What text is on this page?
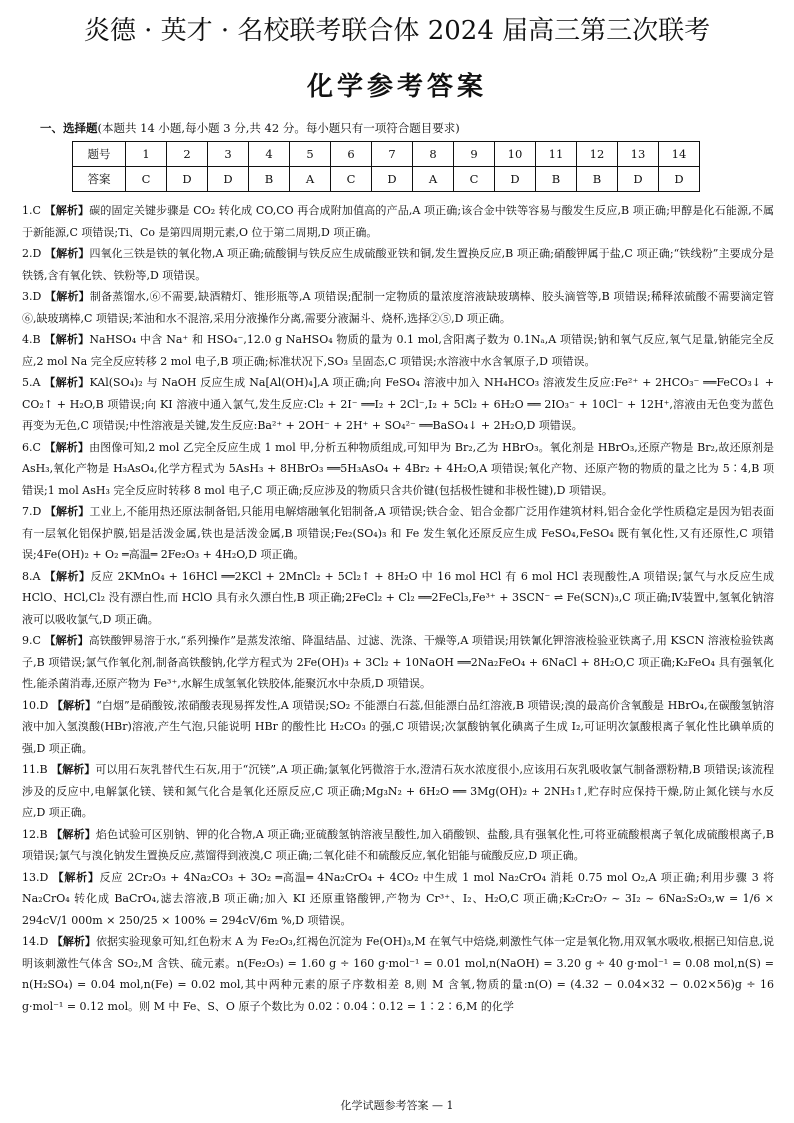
炎德 · 英才 · 名校联考联合体 2024 届高三第三次联考
化学参考答案
一、选择题(本题共 14 小题,每小题 3 分,共 42 分。每小题只有一项符合题目要求)
题号	1	2	3	4	5	6	7	8	9	10	11	12	13	14
答案	C	D	D	B	A	C	D	A	C	D	B	B	D	D

1.C 【解析】碳的固定关键步骤是 CO₂ 转化成 CO,CO 再合成附加值高的产品,A 项正确;该合金中铁等容易与酸发生反应,B 项正确;甲醇是化石能源,不属于新能源,C 项错误;Ti、Co 是第四周期元素,O 位于第二周期,D 项正确。

2.D 【解析】四氧化三铁是铁的氧化物,A 项正确;硫酸铜与铁反应生成硫酸亚铁和铜,发生置换反应,B 项正确;硝酸钾属于盐,C 项正确;“铁线粉”主要成分是铁锈,含有氧化铁、铁粉等,D 项错误。

3.D 【解析】制备蒸馏水,⑥不需要,缺酒精灯、锥形瓶等,A 项错误;配制一定物质的量浓度溶液缺玻璃棒、胶头滴管等,B 项错误;稀释浓硫酸不需要滴定管⑥,缺玻璃棒,C 项错误;苯油和水不混溶,采用分液操作分离,需要分液漏斗、烧杯,选择②⑤,D 项正确。

4.B 【解析】NaHSO₄ 中含 Na⁺ 和 HSO₄⁻,12.0 g NaHSO₄ 物质的量为 0.1 mol,含阳离子数为 0.1Nₐ,A 项错误;钠和氧气反应,氧气足量,钠能完全反应,2 mol Na 完全反应转移 2 mol 电子,B 项正确;标准状况下,SO₃ 呈固态,C 项错误;水溶液中水含氧原子,D 项错误。

5.A 【解析】KAl(SO₄)₂ 与 NaOH 反应生成 Na[Al(OH)₄],A 项正确;向 FeSO₄ 溶液中加入 NH₄HCO₃ 溶液发生反应:Fe²⁺ + 2HCO₃⁻ ══FeCO₃↓ + CO₂↑ + H₂O,B 项错误;向 KI 溶液中通入氯气,发生反应:Cl₂ + 2I⁻ ══I₂ + 2Cl⁻,I₂ + 5Cl₂ + 6H₂O ══ 2IO₃⁻ + 10Cl⁻ + 12H⁺,溶液由无色变为蓝色再变为无色,C 项错误;中性溶液是关键,发生反应:Ba²⁺ + 2OH⁻ + 2H⁺ + SO₄²⁻ ══BaSO₄↓ + 2H₂O,D 项错误。

6.C 【解析】由图像可知,2 mol 乙完全反应生成 1 mol 甲,分析五种物质组成,可知甲为 Br₂,乙为 HBrO₃。氧化剂是 HBrO₃,还原产物是 Br₂,故还原剂是 AsH₃,氧化产物是 H₃AsO₄,化学方程式为 5AsH₃ + 8HBrO₃ ══5H₃AsO₄ + 4Br₂ + 4H₂O,A 项错误;氧化产物、还原产物的物质的量之比为 5∶4,B 项错误;1 mol AsH₃ 完全反应时转移 8 mol 电子,C 项正确;反应涉及的物质只含共价键(包括极性键和非极性键),D 项错误。

7.D 【解析】工业上,不能用热还原法制备铝,只能用电解熔融氧化铝制备,A 项错误;铁合金、铝合金都广泛用作建筑材料,铝合金化学性质稳定是因为铝表面有一层氧化铝保护膜,铝是活泼金属,铁也是活泼金属,B 项错误;Fe₂(SO₄)₃ 和 Fe 发生氧化还原反应生成 FeSO₄,FeSO₄ 既有氧化性,又有还原性,C 项错误;4Fe(OH)₂ + O₂ ═高温═ 2Fe₂O₃ + 4H₂O,D 项正确。

8.A 【解析】反应 2KMnO₄ + 16HCl ══2KCl + 2MnCl₂ + 5Cl₂↑ + 8H₂O 中 16 mol HCl 有 6 mol HCl 表现酸性,A 项错误;氯气与水反应生成 HClO、HCl,Cl₂ 没有漂白性,而 HClO 具有永久漂白性,B 项正确;2FeCl₂ + Cl₂ ══2FeCl₃,Fe³⁺ + 3SCN⁻ ⇌ Fe(SCN)₃,C 项正确;Ⅳ装置中,氢氧化钠溶液可以吸收氯气,D 项正确。

9.C 【解析】高铁酸钾易溶于水,“系列操作”是蒸发浓缩、降温结晶、过滤、洗涤、干燥等,A 项错误;用铁氰化钾溶液检验亚铁离子,用 KSCN 溶液检验铁离子,B 项错误;氯气作氧化剂,制备高铁酸钠,化学方程式为 2Fe(OH)₃ + 3Cl₂ + 10NaOH ══2Na₂FeO₄ + 6NaCl + 8H₂O,C 项正确;K₂FeO₄ 具有强氧化性,能杀菌消毒,还原产物为 Fe³⁺,水解生成氢氧化铁胶体,能聚沉水中杂质,D 项错误。

10.D 【解析】“白烟”是硝酸铵,浓硝酸表现易挥发性,A 项错误;SO₂ 不能漂白石蕊,但能漂白品红溶液,B 项错误;溴的最高价含氧酸是 HBrO₄,在碳酸氢钠溶液中加入氢溴酸(HBr)溶液,产生气泡,只能说明 HBr 的酸性比 H₂CO₃ 的强,C 项错误;次氯酸钠氧化碘离子生成 I₂,可证明次氯酸根离子氧化性比碘单质的强,D 项正确。

11.B 【解析】可以用石灰乳替代生石灰,用于“沉镁”,A 项正确;氯氧化钙微溶于水,澄清石灰水浓度很小,应该用石灰乳吸收氯气制备漂粉精,B 项错误;该流程涉及的反应中,电解氯化镁、镁和氮气化合是氧化还原反应,C 项正确;Mg₃N₂ + 6H₂O ══ 3Mg(OH)₂ + 2NH₃↑,贮存时应保持干燥,防止氮化镁与水反应,D 项正确。

12.B 【解析】焰色试验可区别钠、钾的化合物,A 项正确;亚硫酸氢钠溶液呈酸性,加入硝酸钡、盐酸,具有强氧化性,可将亚硫酸根离子氧化成硫酸根离子,B 项错误;氯气与溴化钠发生置换反应,蒸馏得到液溴,C 项正确;二氧化硅不和硫酸反应,氧化铝能与硫酸反应,D 项正确。

13.D 【解析】反应 2Cr₂O₃ + 4Na₂CO₃ + 3O₂ ═高温═ 4Na₂CrO₄ + 4CO₂ 中生成 1 mol Na₂CrO₄ 消耗 0.75 mol O₂,A 项正确;利用步骤 3 将 Na₂CrO₄ 转化成 BaCrO₄,滤去溶液,B 项正确;加入 KI 还原重铬酸钾,产物为 Cr³⁺、I₂、H₂O,C 项正确;K₂Cr₂O₇ ~ 3I₂ ~ 6Na₂S₂O₃,w = 1/6 × 294cV/1 000m × 250/25 × 100% = 294cV/6m %,D 项错误。

14.D 【解析】依据实验现象可知,红色粉末 A 为 Fe₂O₃,红褐色沉淀为 Fe(OH)₃,M 在氧气中焙烧,刺激性气体一定是氧化物,用双氧水吸收,根据已知信息,说明该刺激性气体含 SO₂,M 含铁、硫元素。n(Fe₂O₃) = 1.60 g ÷ 160 g·mol⁻¹ = 0.01 mol,n(NaOH) = 3.20 g ÷ 40 g·mol⁻¹ = 0.08 mol,n(S) = n(H₂SO₄) = 0.04 mol,n(Fe) = 0.02 mol,其中两种元素的原子序数相差 8,则 M 含氧,物质的量:n(O) = (4.32 − 0.04×32 − 0.02×56)g ÷ 16 g·mol⁻¹ = 0.12 mol。则 M 中 Fe、S、O 原子个数比为 0.02∶0.04∶0.12 = 1∶2∶6,M 的化学

化学试题参考答案 — 1
